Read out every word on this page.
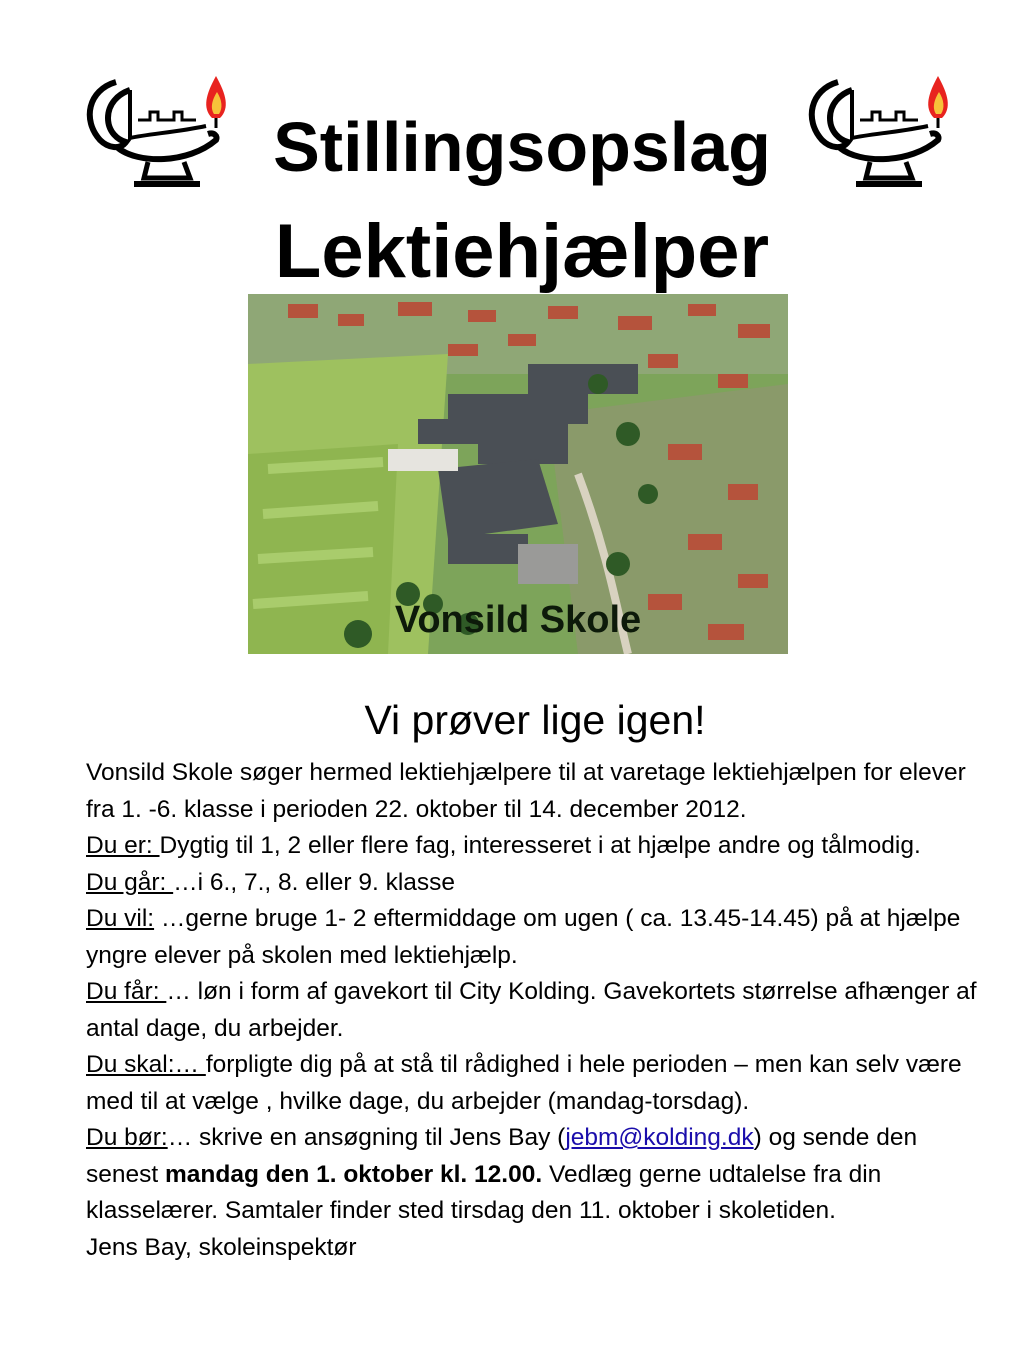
Stillingsopslag
Lektiehjælper
Vonsild Skole
Vi prøver lige igen!

Vonsild Skole søger hermed lektiehjælpere til at varetage lektiehjælpen for elever fra 1. -6. klasse i perioden 22. oktober til 14. december 2012.

Du er: Dygtig til 1, 2 eller flere fag, interesseret i at hjælpe andre og tålmodig.

Du går: …i 6., 7., 8. eller 9. klasse

Du vil: …gerne bruge 1- 2 eftermiddage om ugen ( ca. 13.45-14.45) på at hjælpe yngre elever på skolen med lektiehjælp.

Du får: … løn i form af gavekort til City Kolding. Gavekortets størrelse afhænger af antal dage, du arbejder.

Du skal:… forpligte dig på at stå til rådighed i hele perioden – men kan selv være med til at vælge , hvilke dage, du arbejder (mandag-torsdag).

Du bør:… skrive en ansøgning til Jens Bay (jebm@kolding.dk) og sende den senest mandag den 1. oktober kl. 12.00. Vedlæg gerne udtalelse fra din klasselærer. Samtaler finder sted tirsdag den 11. oktober i skoletiden.

Jens Bay, skoleinspektør
